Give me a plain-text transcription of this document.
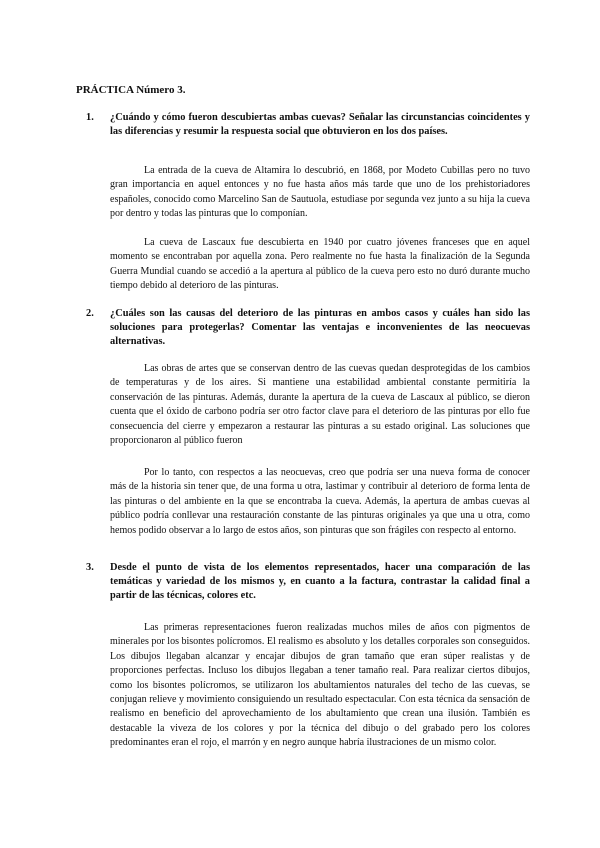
PRÁCTICA Número 3.
1. ¿Cuándo y cómo fueron descubiertas ambas cuevas? Señalar las circunstancias coincidentes y las diferencias y resumir la respuesta social que obtuvieron en los dos países.
La entrada de la cueva de Altamira lo descubrió, en 1868, por Modeto Cubillas pero no tuvo gran importancia en aquel entonces y no fue hasta años más tarde que uno de los prehistoriadores españoles, conocido como Marcelino San de Sautuola, estudiase por segunda vez junto a su hija la cueva por dentro y todas las pinturas que lo componían.
La cueva de Lascaux fue descubierta en 1940 por cuatro jóvenes franceses que en aquel momento se encontraban por aquella zona. Pero realmente no fue hasta la finalización de la Segunda Guerra Mundial cuando se accedió a la apertura al público de la cueva pero esto no duró durante mucho tiempo debido al deterioro de las pinturas.
2. ¿Cuáles son las causas del deterioro de las pinturas en ambos casos y cuáles han sido las soluciones para protegerlas? Comentar las ventajas e inconvenientes de las neocuevas alternativas.
Las obras de artes que se conservan dentro de las cuevas quedan desprotegidas de los cambios de temperaturas y de los aires. Si mantiene una estabilidad ambiental constante permitiría la conservación de las pinturas. Además, durante la apertura de la cueva de Lascaux al público, se dieron cuenta que el óxido de carbono podría ser otro factor clave para el deterioro de las pinturas por ello fue consecuencia del cierre y empezaron a restaurar las pinturas a su estado original. Las soluciones que proporcionaron al público fueron
Por lo tanto, con respectos a las neocuevas, creo que podría ser una nueva forma de conocer más de la historia sin tener que, de una forma u otra, lastimar y contribuir al deterioro de forma lenta de las pinturas o del ambiente en la que se encontraba la cueva. Además, la apertura de ambas cuevas al público podría conllevar una restauración constante de las pinturas originales ya que una u otra, como hemos podido observar a lo largo de estos años, son pinturas que son frágiles con respecto al entorno.
3. Desde el punto de vista de los elementos representados, hacer una comparación de las temáticas y variedad de los mismos y, en cuanto a la factura, contrastar la calidad final a partir de las técnicas, colores etc.
Las primeras representaciones fueron realizadas muchos miles de años con pigmentos de minerales por los bisontes polícromos. El realismo es absoluto y los detalles corporales son conseguidos. Los dibujos llegaban alcanzar y encajar dibujos de gran tamaño que eran súper realistas y de proporciones perfectas. Incluso los dibujos llegaban a tener tamaño real. Para realizar ciertos dibujos, como los bisontes polícromos, se utilizaron los abultamientos naturales del techo de las cuevas, se conjugan relieve y movimiento consiguiendo un resultado espectacular. Con esta técnica da sensación de realismo en beneficio del aprovechamiento de los abultamiento que crean una ilusión. También es destacable la viveza de los colores y por la técnica del dibujo o del grabado pero los colores predominantes eran el rojo, el marrón y en negro aunque habría ilustraciones de un mismo color.
